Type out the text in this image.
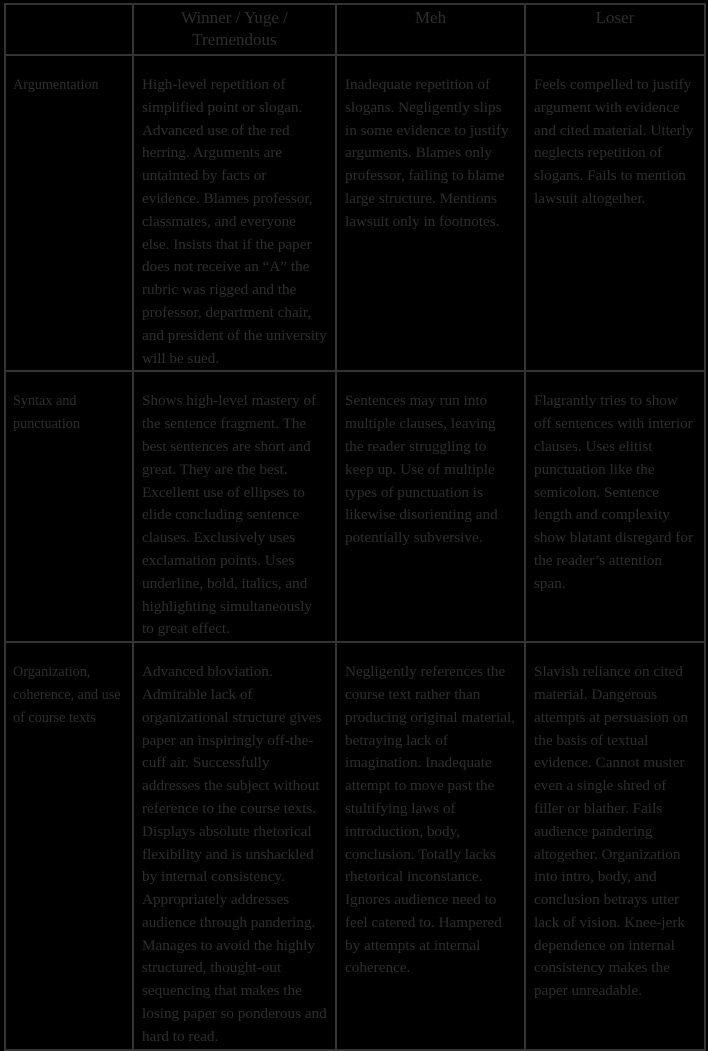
	Winner / Yuge / Tremendous	Meh	Loser
Argumentation	High-level repetition of simplified point or slogan. Advanced use of the red herring. Arguments are untainted by facts or evidence. Blames professor, classmates, and everyone else. Insists that if the paper does not receive an “A” the rubric was rigged and the professor, department chair, and president of the university will be sued.	Inadequate repetition of slogans. Negligently slips in some evidence to justify arguments. Blames only professor, failing to blame large structure. Mentions lawsuit only in footnotes.	Feels compelled to justify argument with evidence and cited material. Utterly neglects repetition of slogans. Fails to mention lawsuit altogether.
Syntax and punctuation	Shows high-level mastery of the sentence fragment. The best sentences are short and great. They are the best. Excellent use of ellipses to elide concluding sentence clauses. Exclusively uses exclamation points. Uses underline, bold, italics, and highlighting simultaneously to great effect.	Sentences may run into multiple clauses, leaving the reader struggling to keep up. Use of multiple types of punctuation is likewise disorienting and potentially subversive.	Flagrantly tries to show off sentences with interior clauses. Uses elitist punctuation like the semicolon. Sentence length and complexity show blatant disregard for the reader’s attention span.
Organization, coherence, and use of course texts	Advanced bloviation. Admirable lack of organizational structure gives paper an inspiringly off-the-cuff air. Successfully addresses the subject without reference to the course texts. Displays absolute rhetorical flexibility and is unshackled by internal consistency. Appropriately addresses audience through pandering. Manages to avoid the highly structured, thought-out sequencing that makes the losing paper so ponderous and hard to read.	Negligently references the course text rather than producing original material, betraying lack of imagination. Inadequate attempt to move past the stultifying laws of introduction, body, conclusion. Totally lacks rhetorical inconstance. Ignores audience need to feel catered to. Hampered by attempts at internal coherence.	Slavish reliance on cited material. Dangerous attempts at persuasion on the basis of textual evidence. Cannot muster even a single shred of filler or blather. Fails audience pandering altogether. Organization into intro, body, and conclusion betrays utter lack of vision. Knee-jerk dependence on internal consistency makes the paper unreadable.
